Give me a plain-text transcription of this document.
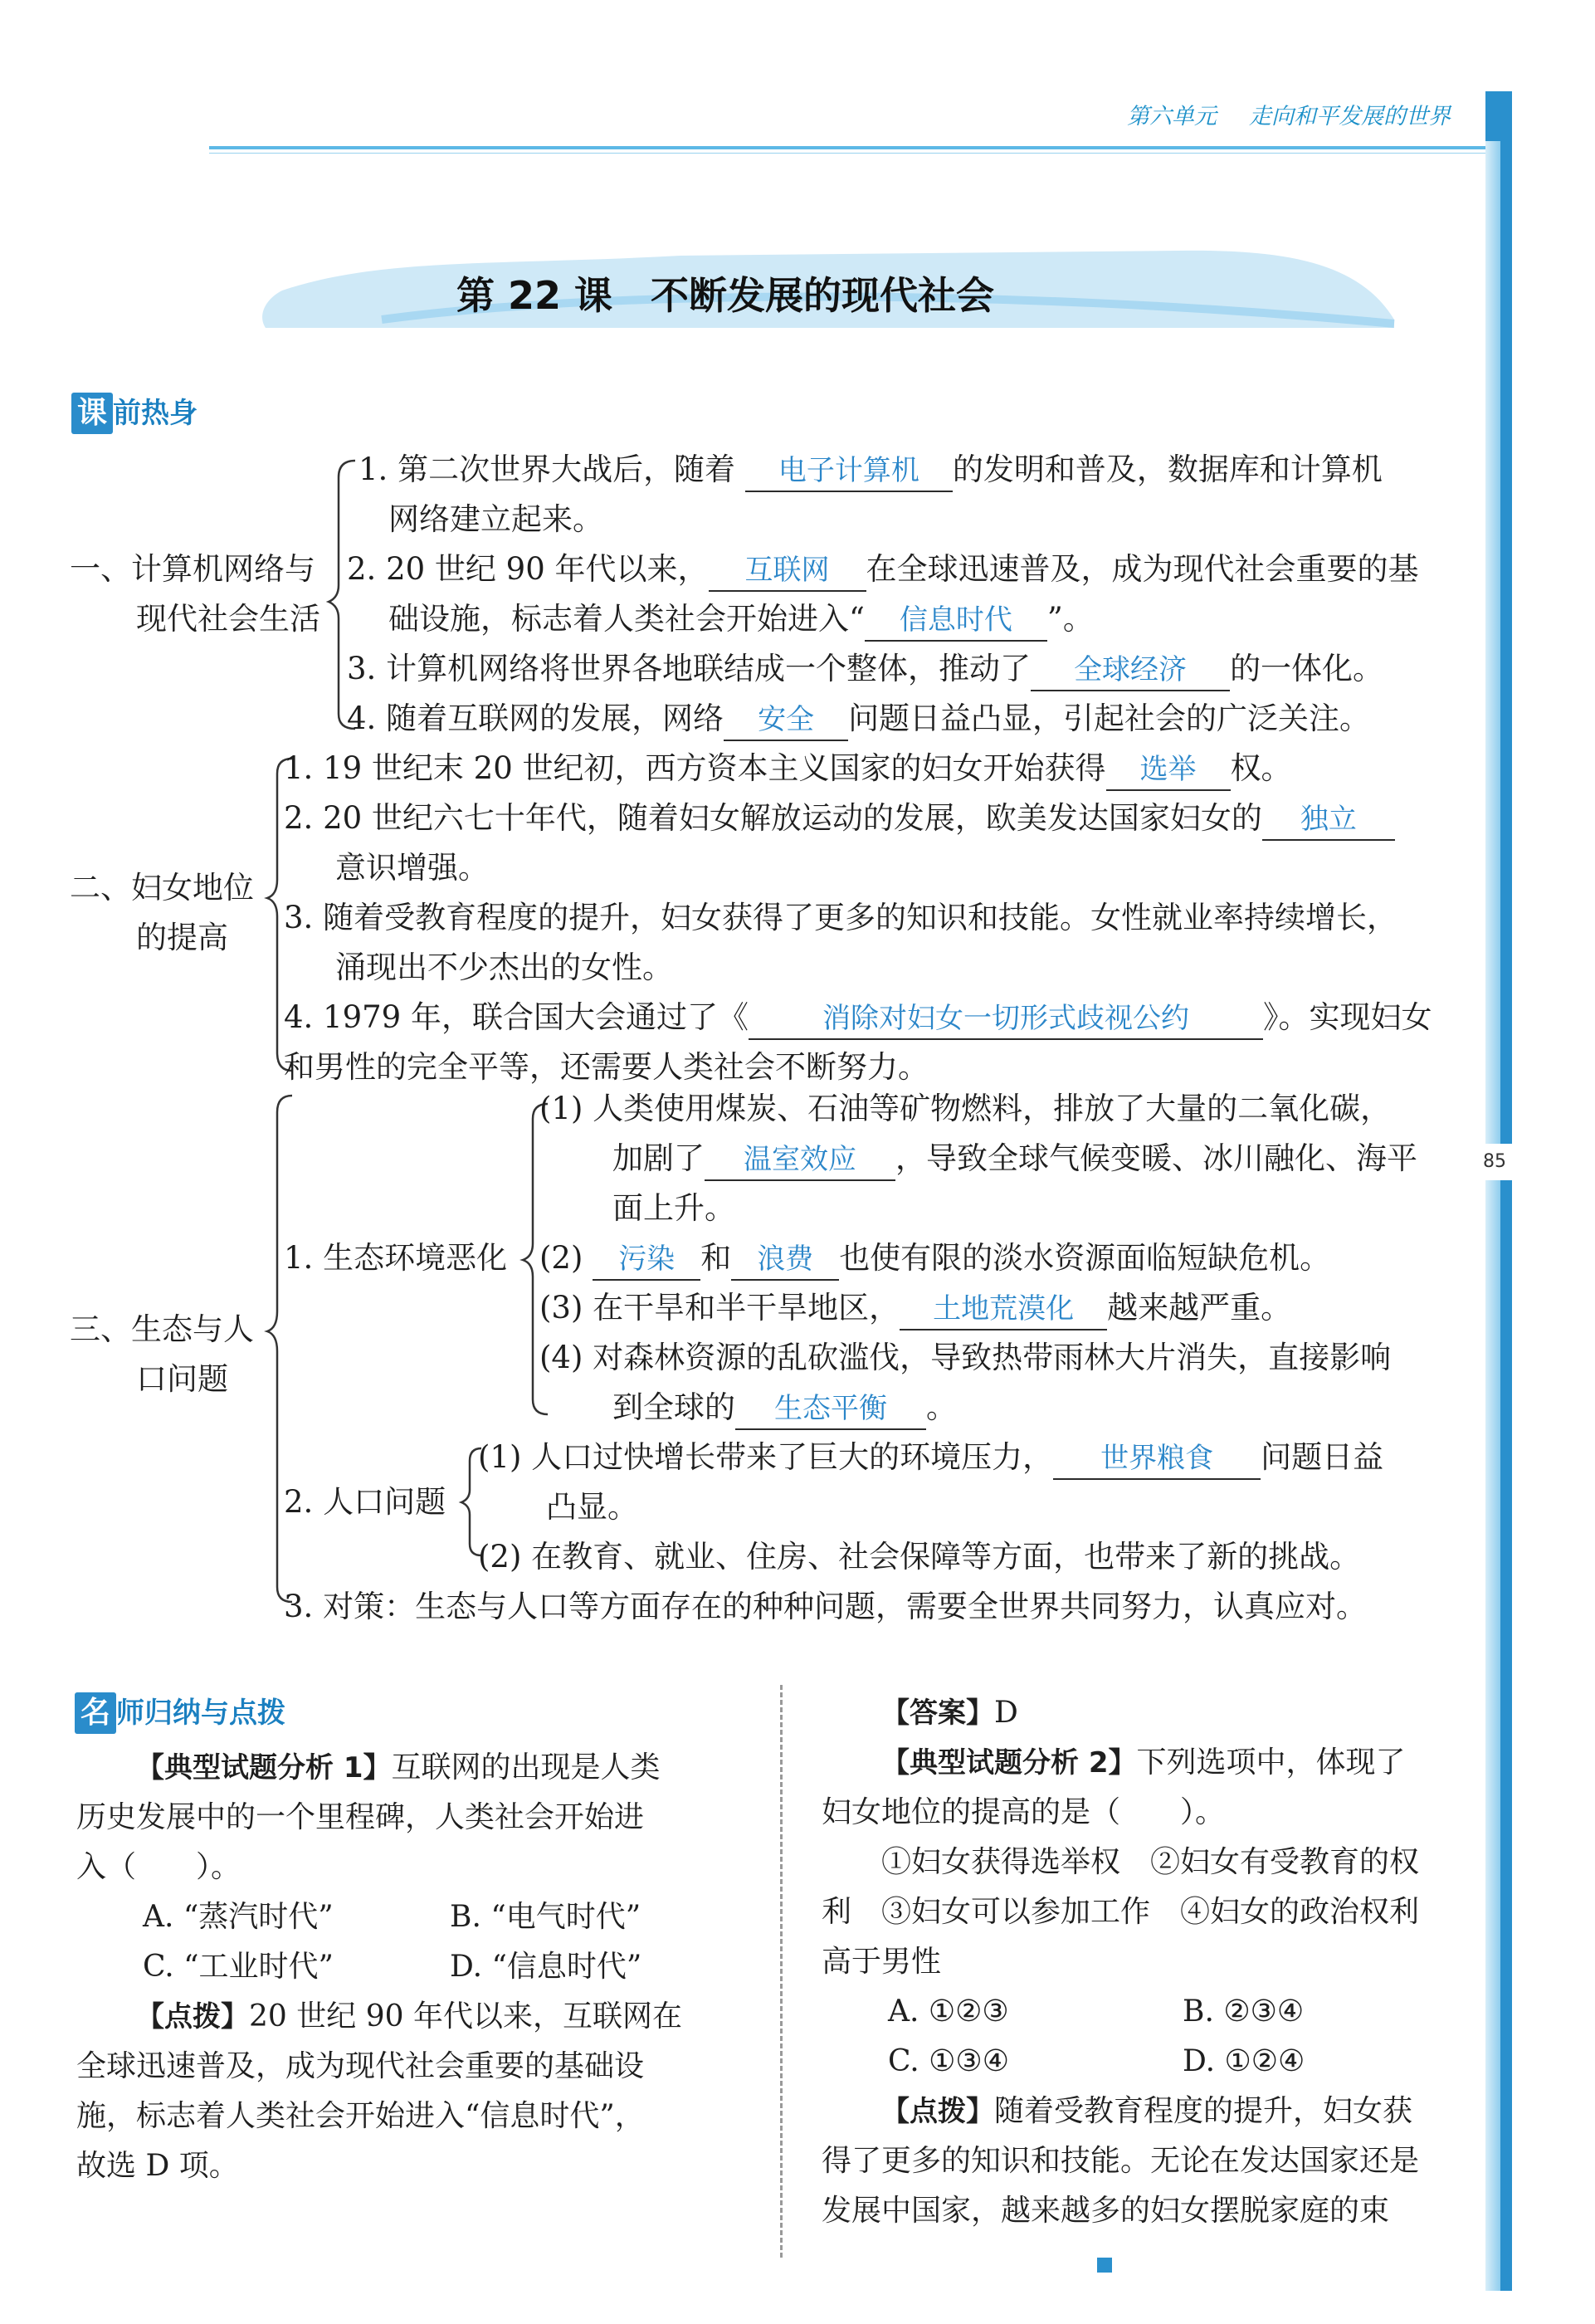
第六单元 走向和平发展的世界
85
第 22 课　不断发展的现代社会
课 前热身
一、计算机网络与
现代社会生活
二、妇女地位
的提高
三、生态与人
口问题
1. 第二次世界大战后，随着 电子计算机 的发明和普及，数据库和计算机
网络建立起来。
2. 20 世纪 90 年代以来， 互联网 在全球迅速普及，成为现代社会重要的基
础设施，标志着人类社会开始进入“ 信息时代 ”。
3. 计算机网络将世界各地联结成一个整体，推动了 全球经济 的一体化。
4. 随着互联网的发展，网络 安全 问题日益凸显，引起社会的广泛关注。
1. 19 世纪末 20 世纪初，西方资本主义国家的妇女开始获得 选举 权。
2. 20 世纪六七十年代，随着妇女解放运动的发展，欧美发达国家妇女的 独立
意识增强。
3. 随着受教育程度的提升，妇女获得了更多的知识和技能。女性就业率持续增长，
涌现出不少杰出的女性。
4. 1979 年，联合国大会通过了《	消除对妇女一切形式歧视公约 》。实现妇女
和男性的完全平等，还需要人类社会不断努力。
1. 生态环境恶化
(1) 人类使用煤炭、石油等矿物燃料，排放了大量的二氧化碳，
加剧了 温室效应 ，导致全球气候变暖、冰川融化、海平
面上升。
(2) 污染 和 浪费 也使有限的淡水资源面临短缺危机。
(3) 在干旱和半干旱地区， 土地荒漠化 越来越严重。
(4) 对森林资源的乱砍滥伐，导致热带雨林大片消失，直接影响
到全球的 生态平衡 。
2. 人口问题
(1) 人口过快增长带来了巨大的环境压力， 世界粮食 问题日益
凸显。
(2) 在教育、就业、住房、社会保障等方面，也带来了新的挑战。
3. 对策：生态与人口等方面存在的种种问题，需要全世界共同努力，认真应对。
名 师归纳与点拨

【典型试题分析 1】互联网的出现是人类

历史发展中的一个里程碑，人类社会开始进

入（　　）。

A. “蒸汽时代”	B. “电气时代”

C. “工业时代”	D. “信息时代”

【点拨】20 世纪 90 年代以来，互联网在

全球迅速普及，成为现代社会重要的基础设

施，标志着人类社会开始进入“信息时代”，

故选 D 项。

【答案】D

【典型试题分析 2】下列选项中，体现了

妇女地位的提高的是（　　）。

①妇女获得选举权　②妇女有受教育的权

利　③妇女可以参加工作　④妇女的政治权利

高于男性

A. ①②③	B. ②③④

C. ①③④	D. ①②④

【点拨】随着受教育程度的提升，妇女获

得了更多的知识和技能。无论在发达国家还是

发展中国家，越来越多的妇女摆脱家庭的束
